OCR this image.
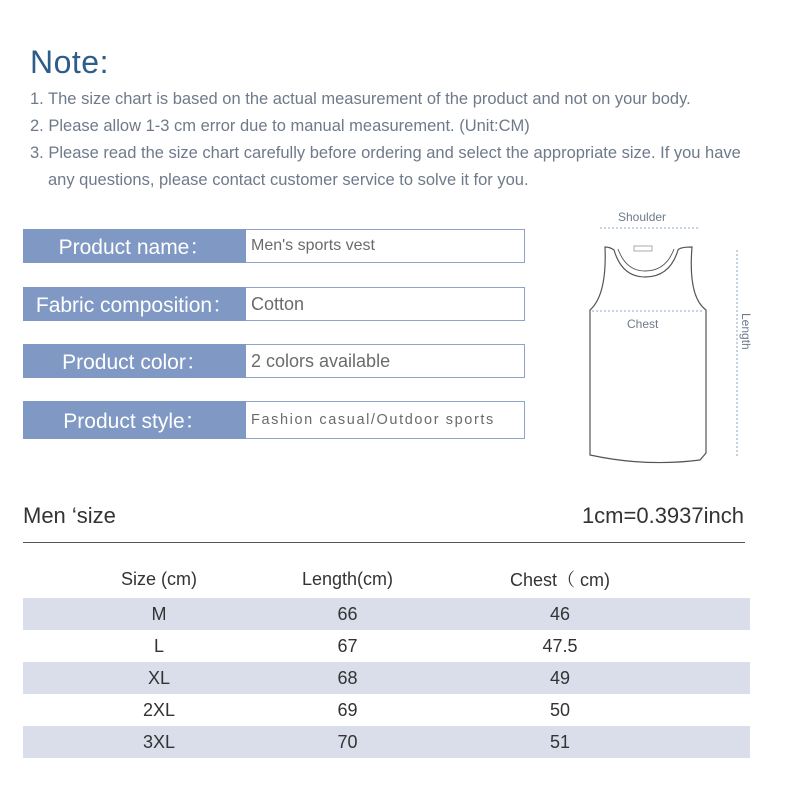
Note:
1. The size chart is based on the actual measurement of the product and not on your body.
2. Please allow 1-3 cm error due to manual measurement. (Unit:CM)
3. Please read the size chart carefully before ordering and select the appropriate size. If you have
any questions, please contact customer service to solve it for you.
Product name：	Men's sports vest
Fabric composition： Cotton
Product color：	2 colors available
Product style：	Fashion casual/Outdoor sports
Shoulder
Chest	Length
Men ‘size	1cm=0.3937inch
Size (cm)	Length(cm)	Chest（ cm)
M	66	46
L	67	47.5
XL	68	49
2XL	69	50
3XL	70	51
